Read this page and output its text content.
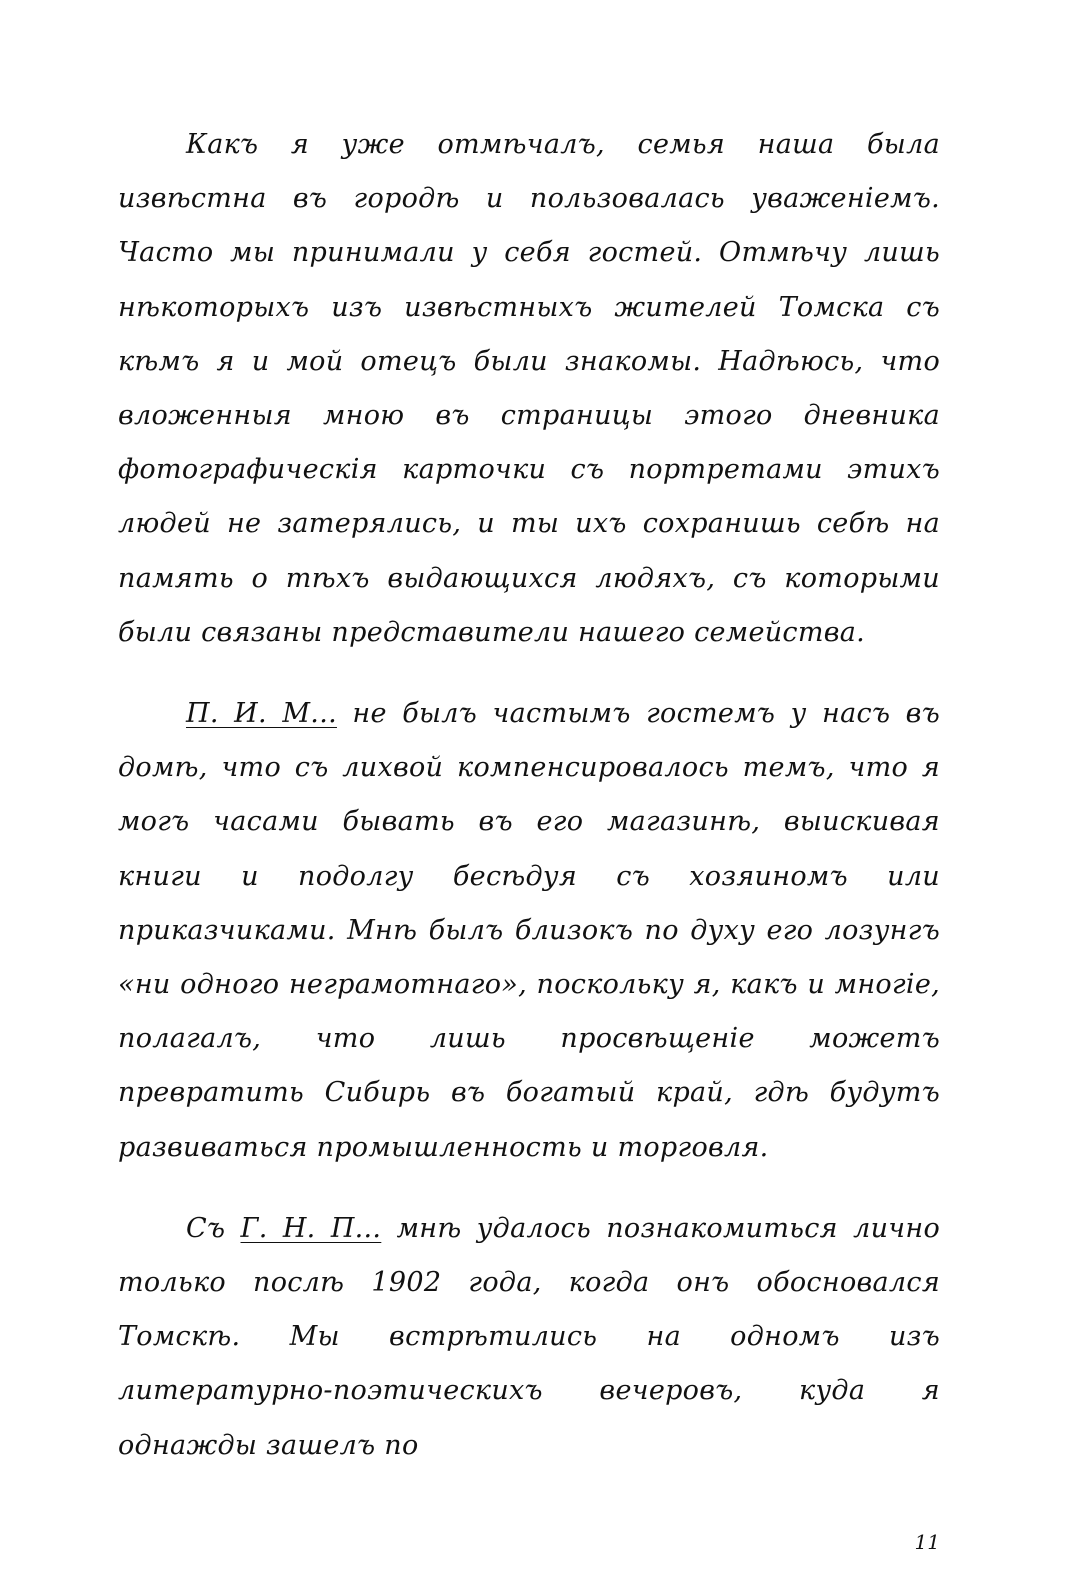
Какъ я уже отмѣчалъ, семья наша была извѣстна въ городѣ и пользовалась уваженіемъ. Часто мы принимали у себя гостей. Отмѣчу лишь нѣкоторыхъ изъ извѣстныхъ жителей Томска съ кѣмъ я и мой отецъ были знакомы. Надѣюсь, что вложенныя мною въ страницы этого дневника фотографическія карточки съ портретами этихъ людей не затерялись, и ты ихъ сохранишь себѣ на память о тѣхъ выдающихся людяхъ, съ которыми были связаны представители нашего семейства.

П. И. М... не былъ частымъ гостемъ у насъ въ домѣ, что съ лихвой компенсировалось темъ, что я могъ часами бывать въ его магазинѣ, выискивая книги и подолгу бесѣдуя съ хозяиномъ или приказчиками. Мнѣ былъ близокъ по духу его лозунгъ «ни одного неграмотнаго», поскольку я, какъ и многіе, полагалъ, что лишь просвѣщеніе можетъ превратить Сибирь въ богатый край, гдѣ будутъ развиваться промышленность и торговля.

Съ Г. Н. П... мнѣ удалось познакомиться лично только послѣ 1902 года, когда онъ обосновался Томскѣ. Мы встрѣтились на одномъ изъ литературно-поэтическихъ вечеровъ, куда я однажды зашелъ по

11
